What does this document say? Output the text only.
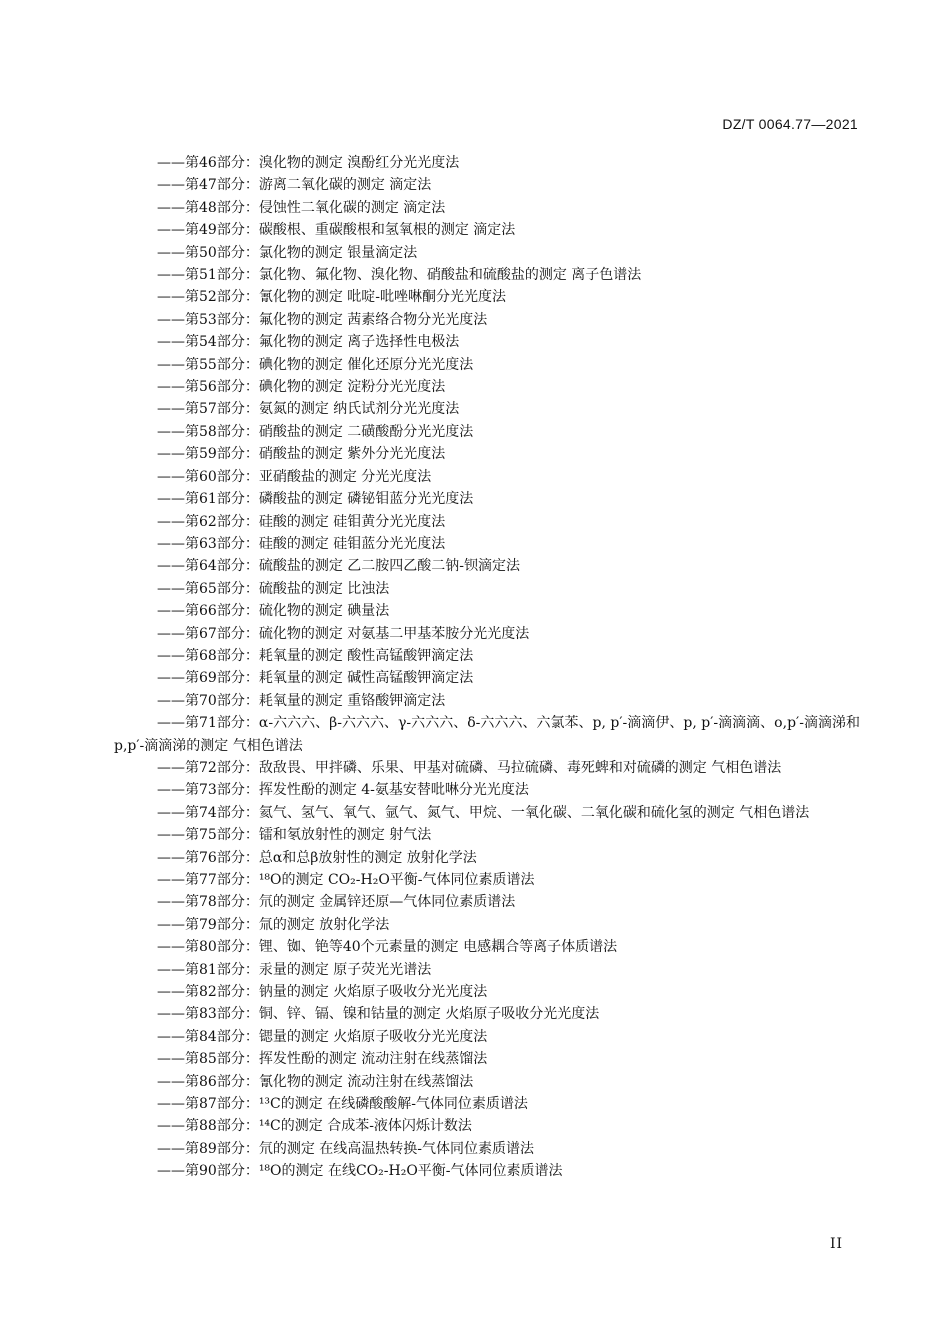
DZ/T 0064.77—2021
——第46部分：溴化物的测定 溴酚红分光光度法
——第47部分：游离二氧化碳的测定 滴定法
——第48部分：侵蚀性二氧化碳的测定 滴定法
——第49部分：碳酸根、重碳酸根和氢氧根的测定 滴定法
——第50部分：氯化物的测定 银量滴定法
——第51部分：氯化物、氟化物、溴化物、硝酸盐和硫酸盐的测定 离子色谱法
——第52部分：氰化物的测定 吡啶-吡唑啉酮分光光度法
——第53部分：氟化物的测定 茜素络合物分光光度法
——第54部分：氟化物的测定 离子选择性电极法
——第55部分：碘化物的测定 催化还原分光光度法
——第56部分：碘化物的测定 淀粉分光光度法
——第57部分：氨氮的测定 纳氏试剂分光光度法
——第58部分：硝酸盐的测定 二磺酸酚分光光度法
——第59部分：硝酸盐的测定 紫外分光光度法
——第60部分：亚硝酸盐的测定 分光光度法
——第61部分：磷酸盐的测定 磷铋钼蓝分光光度法
——第62部分：硅酸的测定 硅钼黄分光光度法
——第63部分：硅酸的测定 硅钼蓝分光光度法
——第64部分：硫酸盐的测定 乙二胺四乙酸二钠-钡滴定法
——第65部分：硫酸盐的测定 比浊法
——第66部分：硫化物的测定 碘量法
——第67部分：硫化物的测定 对氨基二甲基苯胺分光光度法
——第68部分：耗氧量的测定 酸性高锰酸钾滴定法
——第69部分：耗氧量的测定 碱性高锰酸钾滴定法
——第70部分：耗氧量的测定 重铬酸钾滴定法
——第71部分：α-六六六、β-六六六、γ-六六六、δ-六六六、六氯苯、p, p′-滴滴伊、p, p′-滴滴滴、o,p′-滴滴涕和p,p′-滴滴涕的测定 气相色谱法
——第72部分：敌敌畏、甲拌磷、乐果、甲基对硫磷、马拉硫磷、毒死蜱和对硫磷的测定 气相色谱法
——第73部分：挥发性酚的测定 4-氨基安替吡啉分光光度法
——第74部分：氦气、氢气、氧气、氩气、氮气、甲烷、一氧化碳、二氧化碳和硫化氢的测定 气相色谱法
——第75部分：镭和氡放射性的测定 射气法
——第76部分：总α和总β放射性的测定 放射化学法
——第77部分：¹⁸O的测定 CO₂-H₂O平衡-气体同位素质谱法
——第78部分：氘的测定 金属锌还原—气体同位素质谱法
——第79部分：氚的测定 放射化学法
——第80部分：锂、铷、铯等40个元素量的测定 电感耦合等离子体质谱法
——第81部分：汞量的测定 原子荧光光谱法
——第82部分：钠量的测定 火焰原子吸收分光光度法
——第83部分：铜、锌、镉、镍和钴量的测定 火焰原子吸收分光光度法
——第84部分：锶量的测定 火焰原子吸收分光光度法
——第85部分：挥发性酚的测定 流动注射在线蒸馏法
——第86部分：氰化物的测定 流动注射在线蒸馏法
——第87部分：¹³C的测定 在线磷酸酸解-气体同位素质谱法
——第88部分：¹⁴C的测定 合成苯-液体闪烁计数法
——第89部分：氘的测定 在线高温热转换-气体同位素质谱法
——第90部分：¹⁸O的测定 在线CO₂-H₂O平衡-气体同位素质谱法
II
